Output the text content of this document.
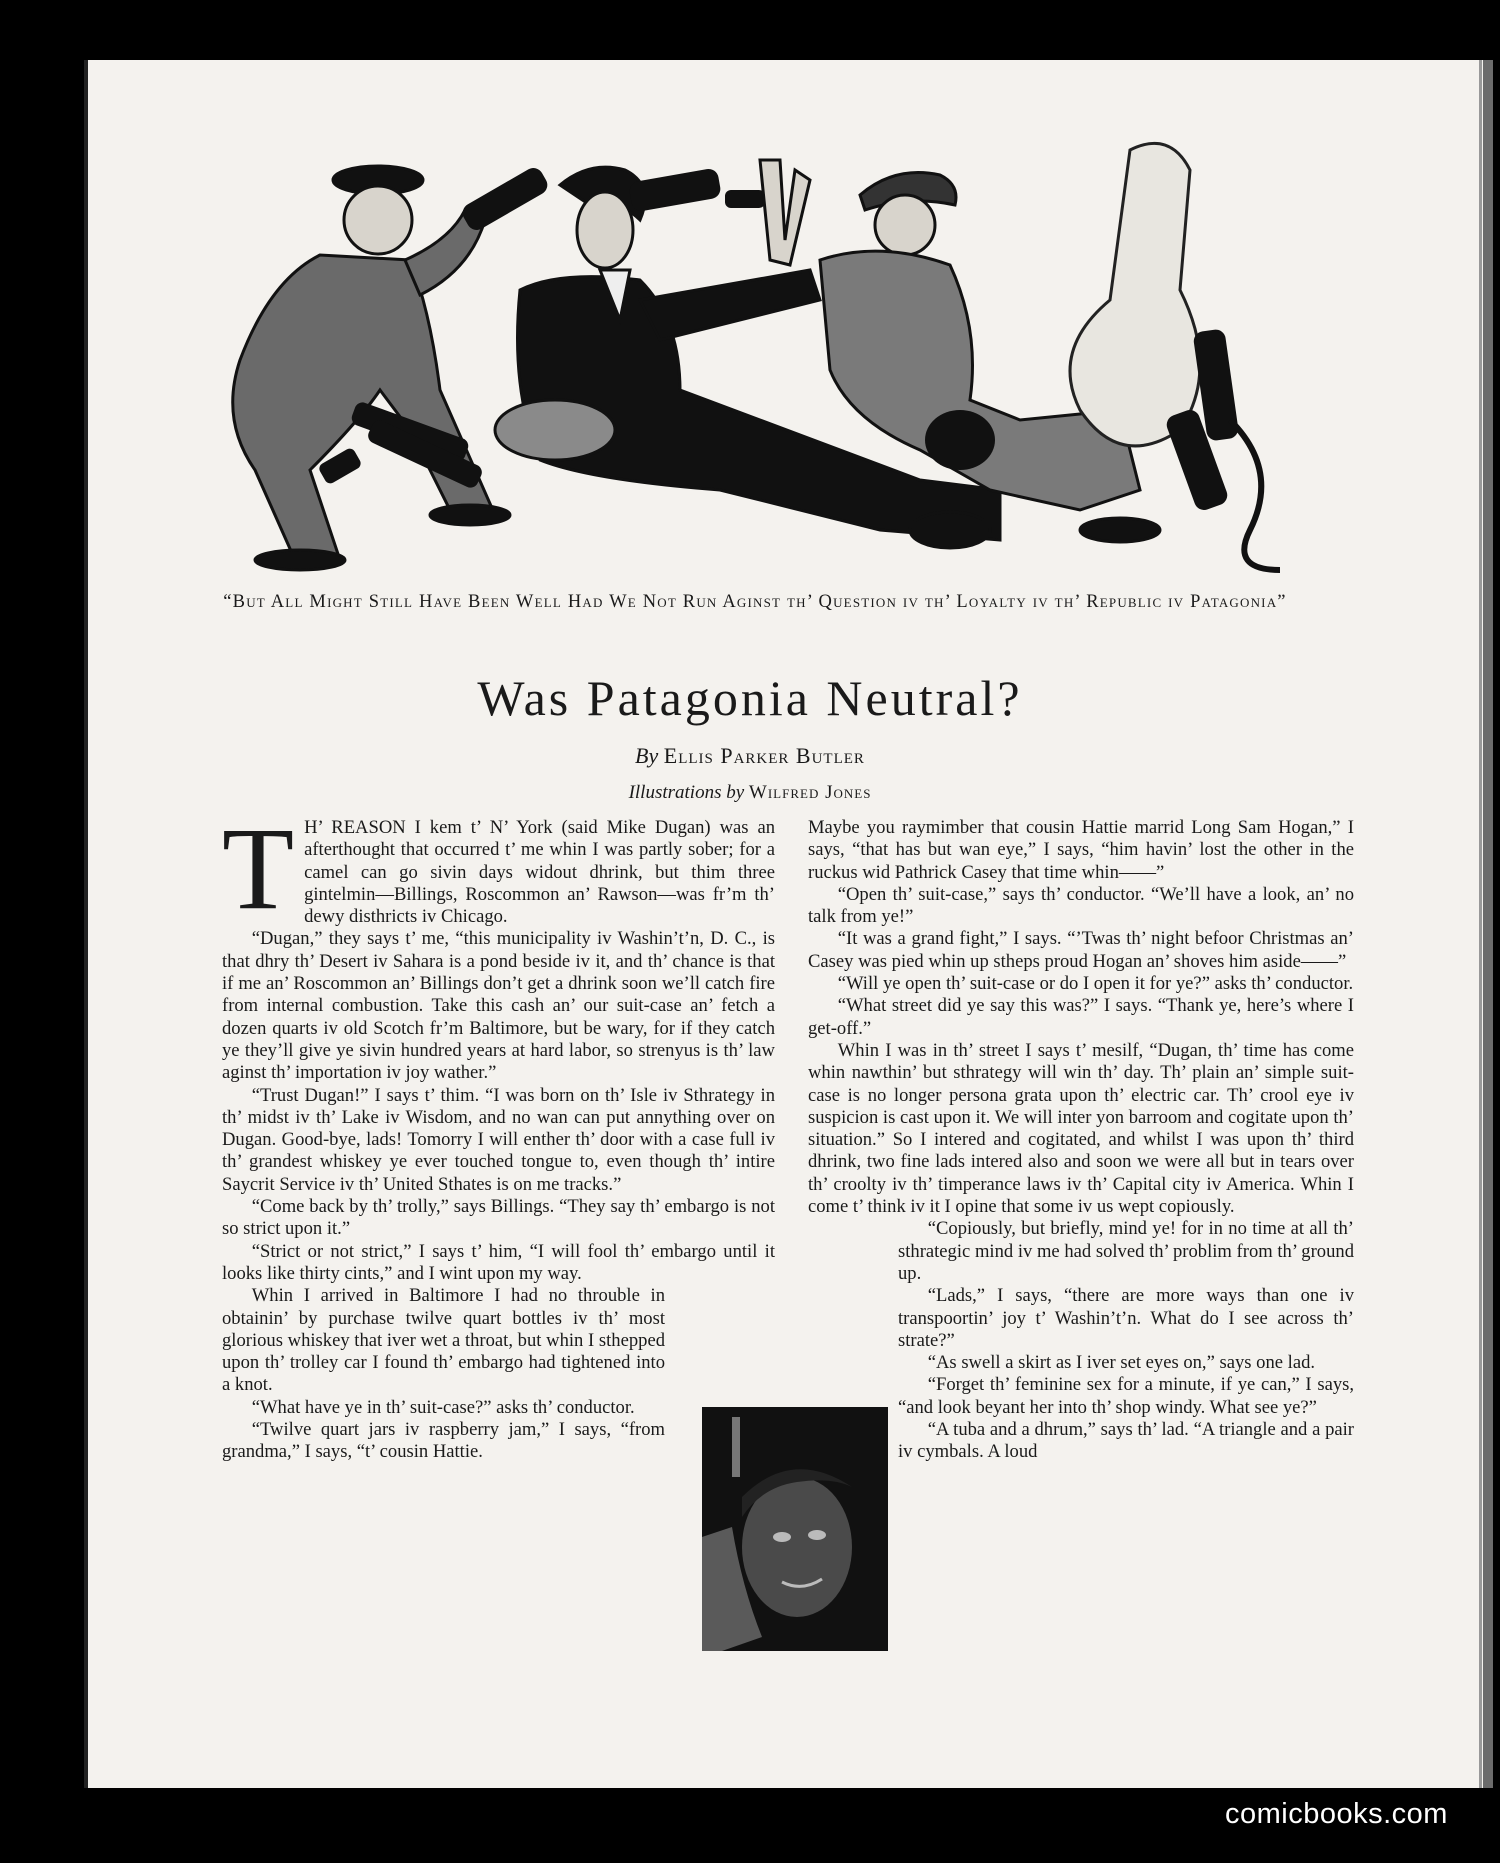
“But All Might Still Have Been Well Had We Not Run Aginst th’ Question iv th’ Loyalty iv th’ Republic iv Patagonia”
Was Patagonia Neutral?
By Ellis Parker Butler
Illustrations by Wilfred Jones
T H’ REASON I kem t’ N’ York (said Mike Dugan) was an afterthought that occurred t’ me whin I was partly sober; for a camel can go sivin days widout dhrink, but thim three gintelmin—Billings, Roscommon an’ Rawson—was fr’m th’ dewy disthricts iv Chicago.

“Dugan,” they says t’ me, “this municipality iv Washin’t’n, D. C., is that dhry th’ Desert iv Sahara is a pond beside iv it, and th’ chance is that if me an’ Roscommon an’ Billings don’t get a dhrink soon we’ll catch fire from internal combustion. Take this cash an’ our suit-case an’ fetch a dozen quarts iv old Scotch fr’m Baltimore, but be wary, for if they catch ye they’ll give ye sivin hundred years at hard labor, so strenyus is th’ law aginst th’ importation iv joy wather.”

“Trust Dugan!” I says t’ thim. “I was born on th’ Isle iv Sthrategy in th’ midst iv th’ Lake iv Wisdom, and no wan can put annything over on Dugan. Good-bye, lads! Tomorry I will enther th’ door with a case full iv th’ grandest whiskey ye ever touched tongue to, even though th’ intire Saycrit Service iv th’ United Sthates is on me tracks.”

“Come back by th’ trolly,” says Billings. “They say th’ embargo is not so strict upon it.”

“Strict or not strict,” I says t’ him, “I will fool th’ embargo until it looks like thirty cints,” and I wint upon my way.

Whin I arrived in Baltimore I had no throuble in obtainin’ by purchase twilve quart bottles iv th’ most glorious whiskey that iver wet a throat, but whin I sthepped upon th’ trolley car I found th’ embargo had tightened into a knot.

“What have ye in th’ suit-case?” asks th’ conductor.

“Twilve quart jars iv raspberry jam,” I says, “from grandma,” I says, “t’ cousin Hattie.

Maybe you raymimber that cousin Hattie marrid Long Sam Hogan,” I says, “that has but wan eye,” I says, “him havin’ lost the other in the ruckus wid Pathrick Casey that time whin——”

“Open th’ suit-case,” says th’ conductor. “We’ll have a look, an’ no talk from ye!”

“It was a grand fight,” I says. “’Twas th’ night befoor Christmas an’ Casey was pied whin up stheps proud Hogan an’ shoves him aside——”

“Will ye open th’ suit-case or do I open it for ye?” asks th’ conductor.

“What street did ye say this was?” I says. “Thank ye, here’s where I get-off.”

Whin I was in th’ street I says t’ mesilf, “Dugan, th’ time has come whin nawthin’ but sthrategy will win th’ day. Th’ plain an’ simple suit-case is no longer persona grata upon th’ electric car. Th’ crool eye iv suspicion is cast upon it. We will inter yon barroom and cogitate upon th’ situation.” So I intered and cogitated, and whilst I was upon th’ third dhrink, two fine lads intered also and soon we were all but in tears over th’ croolty iv th’ timperance laws iv th’ Capital city iv America. Whin I come t’ think iv it I opine that some iv us wept copiously.

“Copiously, but briefly, mind ye! for in no time at all th’ sthrategic mind iv me had solved th’ problim from th’ ground up.

“Lads,” I says, “there are more ways than one iv transpoortin’ joy t’ Washin’t’n. What do I see across th’ strate?”

“As swell a skirt as I iver set eyes on,” says one lad.

“Forget th’ feminine sex for a minute, if ye can,” I says, “and look beyant her into th’ shop windy. What see ye?”

“A tuba and a dhrum,” says th’ lad. “A triangle and a pair iv cymbals. A loud

comicbooks.com
